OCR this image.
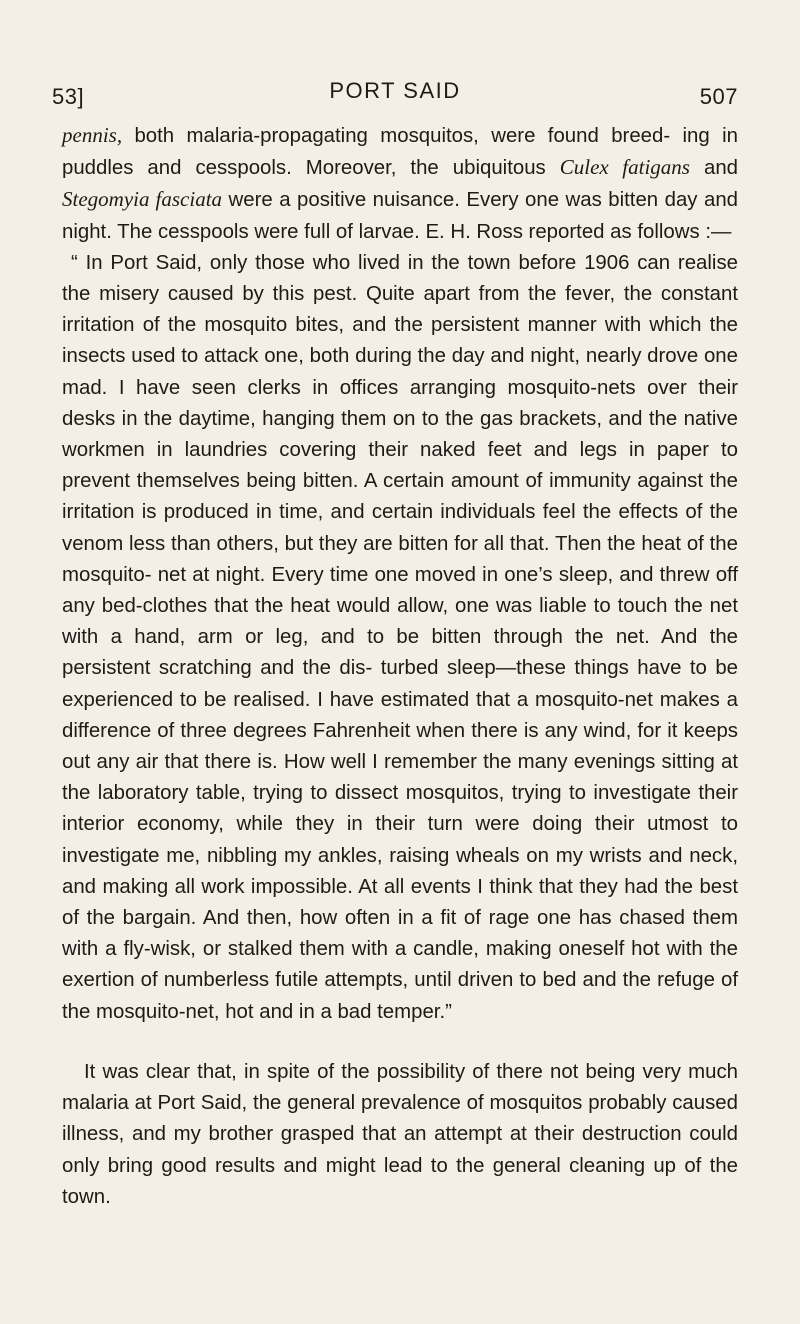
53]	PORT SAID	507

pennis, both malaria-propagating mosquitos, were found breed- ing in puddles and cesspools. Moreover, the ubiquitous Culex fatigans and Stegomyia fasciata were a positive nuisance. Every one was bitten day and night. The cesspools were full of larvae. E. H. Ross reported as follows :—

“ In Port Said, only those who lived in the town before 1906 can realise the misery caused by this pest. Quite apart from the fever, the constant irritation of the mosquito bites, and the persistent manner with which the insects used to attack one, both during the day and night, nearly drove one mad. I have seen clerks in offices arranging mosquito-nets over their desks in the daytime, hanging them on to the gas brackets, and the native workmen in laundries covering their naked feet and legs in paper to prevent themselves being bitten. A certain amount of immunity against the irritation is produced in time, and certain individuals feel the effects of the venom less than others, but they are bitten for all that. Then the heat of the mosquito- net at night. Every time one moved in one’s sleep, and threw off any bed-clothes that the heat would allow, one was liable to touch the net with a hand, arm or leg, and to be bitten through the net. And the persistent scratching and the dis- turbed sleep—these things have to be experienced to be realised. I have estimated that a mosquito-net makes a difference of three degrees Fahrenheit when there is any wind, for it keeps out any air that there is. How well I remember the many evenings sitting at the laboratory table, trying to dissect mosquitos, trying to investigate their interior economy, while they in their turn were doing their utmost to investigate me, nibbling my ankles, raising wheals on my wrists and neck, and making all work impossible. At all events I think that they had the best of the bargain. And then, how often in a fit of rage one has chased them with a fly-wisk, or stalked them with a candle, making oneself hot with the exertion of numberless futile attempts, until driven to bed and the refuge of the mosquito-net, hot and in a bad temper.”

It was clear that, in spite of the possibility of there not being very much malaria at Port Said, the general prevalence of mosquitos probably caused illness, and my brother grasped that an attempt at their destruction could only bring good results and might lead to the general cleaning up of the town.
